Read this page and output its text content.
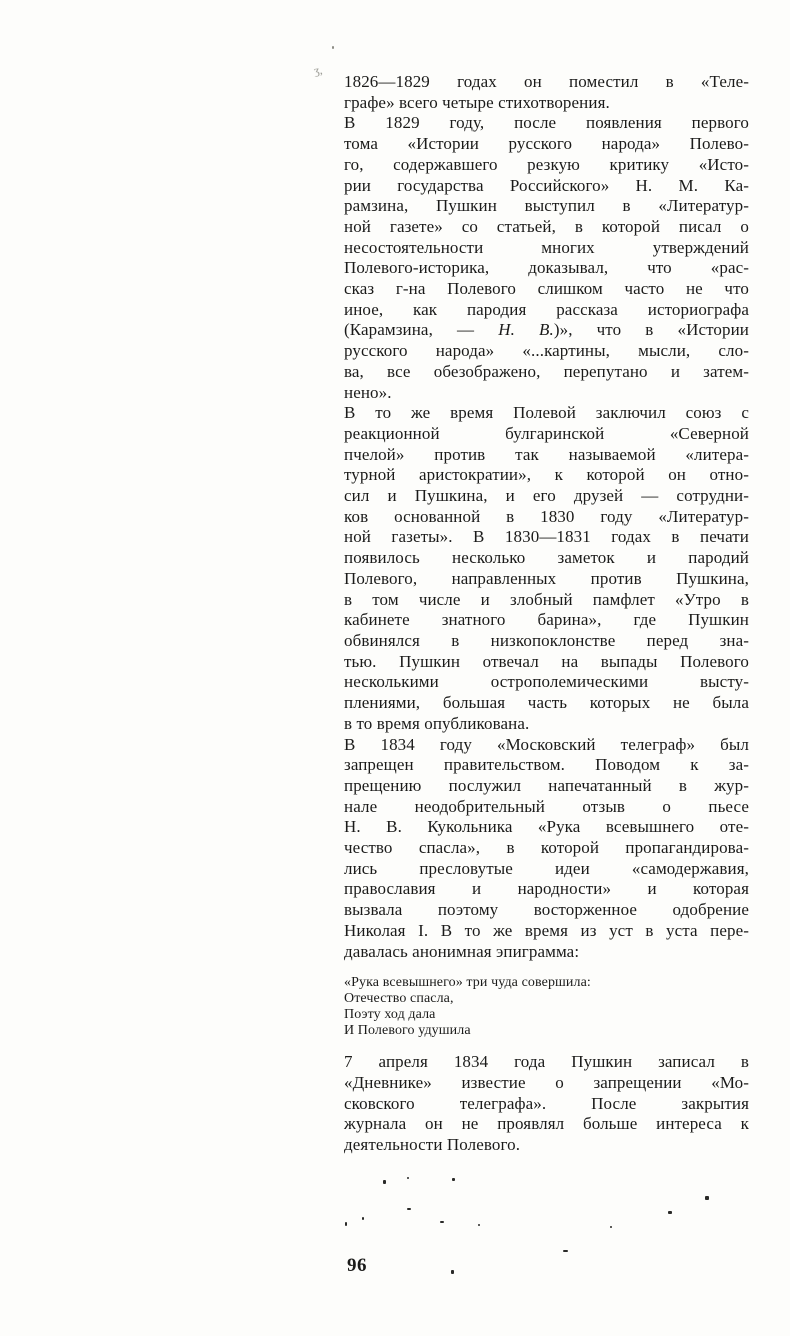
ʒ,
1826—1829 годах он поместил в «Теле-
графе» всего четыре стихотворения.
В 1829 году, после появления первого
тома «Истории русского народа» Полево-
го, содержавшего резкую критику «Исто-
рии государства Российского» Н. М. Ка-
рамзина, Пушкин выступил в «Литератур-
ной газете» со статьей, в которой писал о
несостоятельности многих утверждений
Полевого-историка, доказывал, что «рас-
сказ г-на Полевого слишком часто не что
иное, как пародия рассказа историографа
(Карамзина, — Н. В.)», что в «Истории
русского народа» «...картины, мысли, сло-
ва, все обезображено, перепутано и затем-
нено».
В то же время Полевой заключил союз с
реакционной булгаринской «Северной
пчелой» против так называемой «литера-
турной аристократии», к которой он отно-
сил и Пушкина, и его друзей — сотрудни-
ков основанной в 1830 году «Литератур-
ной газеты». В 1830—1831 годах в печати
появилось несколько заметок и пародий
Полевого, направленных против Пушкина,
в том числе и злобный памфлет «Утро в
кабинете знатного барина», где Пушкин
обвинялся в низкопоклонстве перед зна-
тью. Пушкин отвечал на выпады Полевого
несколькими острополемическими высту-
плениями, большая часть которых не была
в то время опубликована.
В 1834 году «Московский телеграф» был
запрещен правительством. Поводом к за-
прещению послужил напечатанный в жур-
нале неодобрительный отзыв о пьесе
Н. В. Кукольника «Рука всевышнего оте-
чество спасла», в которой пропагандирова-
лись пресловутые идеи «самодержавия,
православия и народности» и которая
вызвала поэтому восторженное одобрение
Николая I. В то же время из уст в уста пере-
давалась анонимная эпиграмма:
«Рука всевышнего» три чуда совершила:
Отечество спасла,
Поэту ход дала
И Полевого удушила
7 апреля 1834 года Пушкин записал в
«Дневнике» известие о запрещении «Мо-
сковского телеграфа». После закрытия
журнала он не проявлял больше интереса к
деятельности Полевого.
96
